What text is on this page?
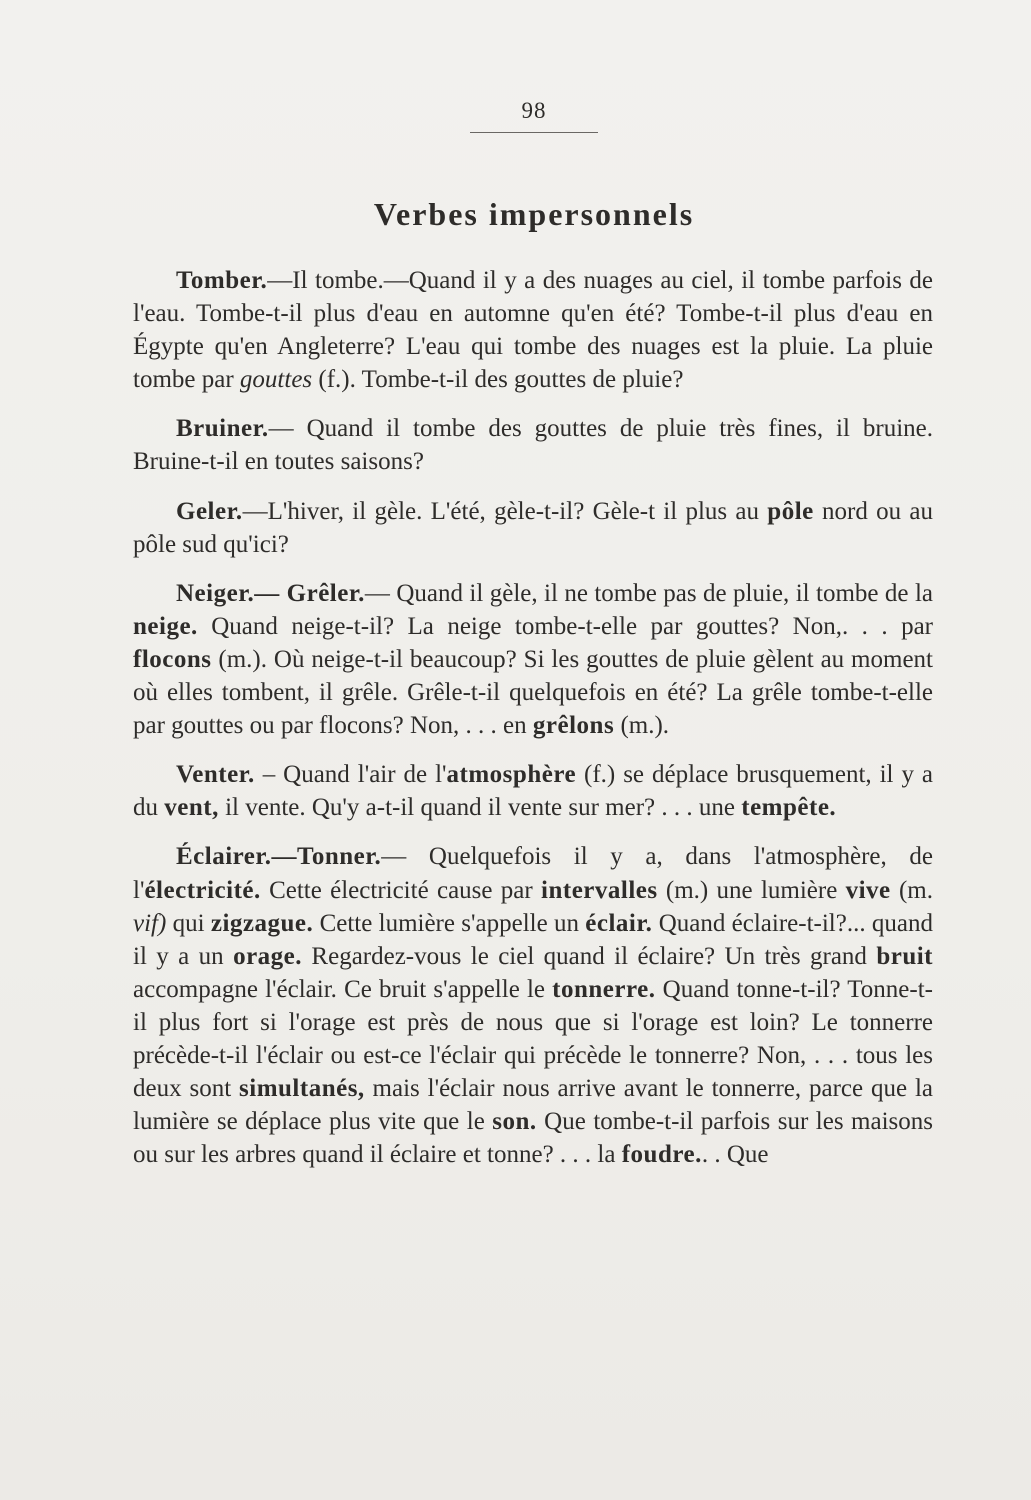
98
Verbes impersonnels

Tomber.—Il tombe.—Quand il y a des nuages au ciel, il tombe parfois de l'eau. Tombe-t-il plus d'eau en automne qu'en été? Tombe-t-il plus d'eau en Égypte qu'en Angleterre? L'eau qui tombe des nuages est la pluie. La pluie tombe par gouttes (f.). Tombe-t-il des gouttes de pluie?

Bruiner.— Quand il tombe des gouttes de pluie très fines, il bruine. Bruine-t-il en toutes saisons?

Geler.—L'hiver, il gèle. L'été, gèle-t-il? Gèle-t il plus au pôle nord ou au pôle sud qu'ici?

Neiger.— Grêler.— Quand il gèle, il ne tombe pas de pluie, il tombe de la neige. Quand neige-t-il? La neige tombe-t-elle par gouttes? Non,. . . par flocons (m.). Où neige-t-il beaucoup? Si les gouttes de pluie gèlent au moment où elles tombent, il grêle. Grêle-t-il quelquefois en été? La grêle tombe-t-elle par gouttes ou par flocons? Non, . . . en grêlons (m.).

Venter. – Quand l'air de l'atmosphère (f.) se déplace brusquement, il y a du vent, il vente. Qu'y a-t-il quand il vente sur mer? . . . une tempête.

Éclairer.—Tonner.— Quelquefois il y a, dans l'atmosphère, de l'électricité. Cette électricité cause par intervalles (m.) une lumière vive (m. vif) qui zigzague. Cette lumière s'appelle un éclair. Quand éclaire-t-il?... quand il y a un orage. Regardez-vous le ciel quand il éclaire? Un très grand bruit accompagne l'éclair. Ce bruit s'appelle le tonnerre. Quand tonne-t-il? Tonne-t-il plus fort si l'orage est près de nous que si l'orage est loin? Le tonnerre précède-t-il l'éclair ou est-ce l'éclair qui précède le tonnerre? Non, . . . tous les deux sont simultanés, mais l'éclair nous arrive avant le tonnerre, parce que la lumière se déplace plus vite que le son. Que tombe-t-il parfois sur les maisons ou sur les arbres quand il éclaire et tonne? . . . la foudre.. . Que
